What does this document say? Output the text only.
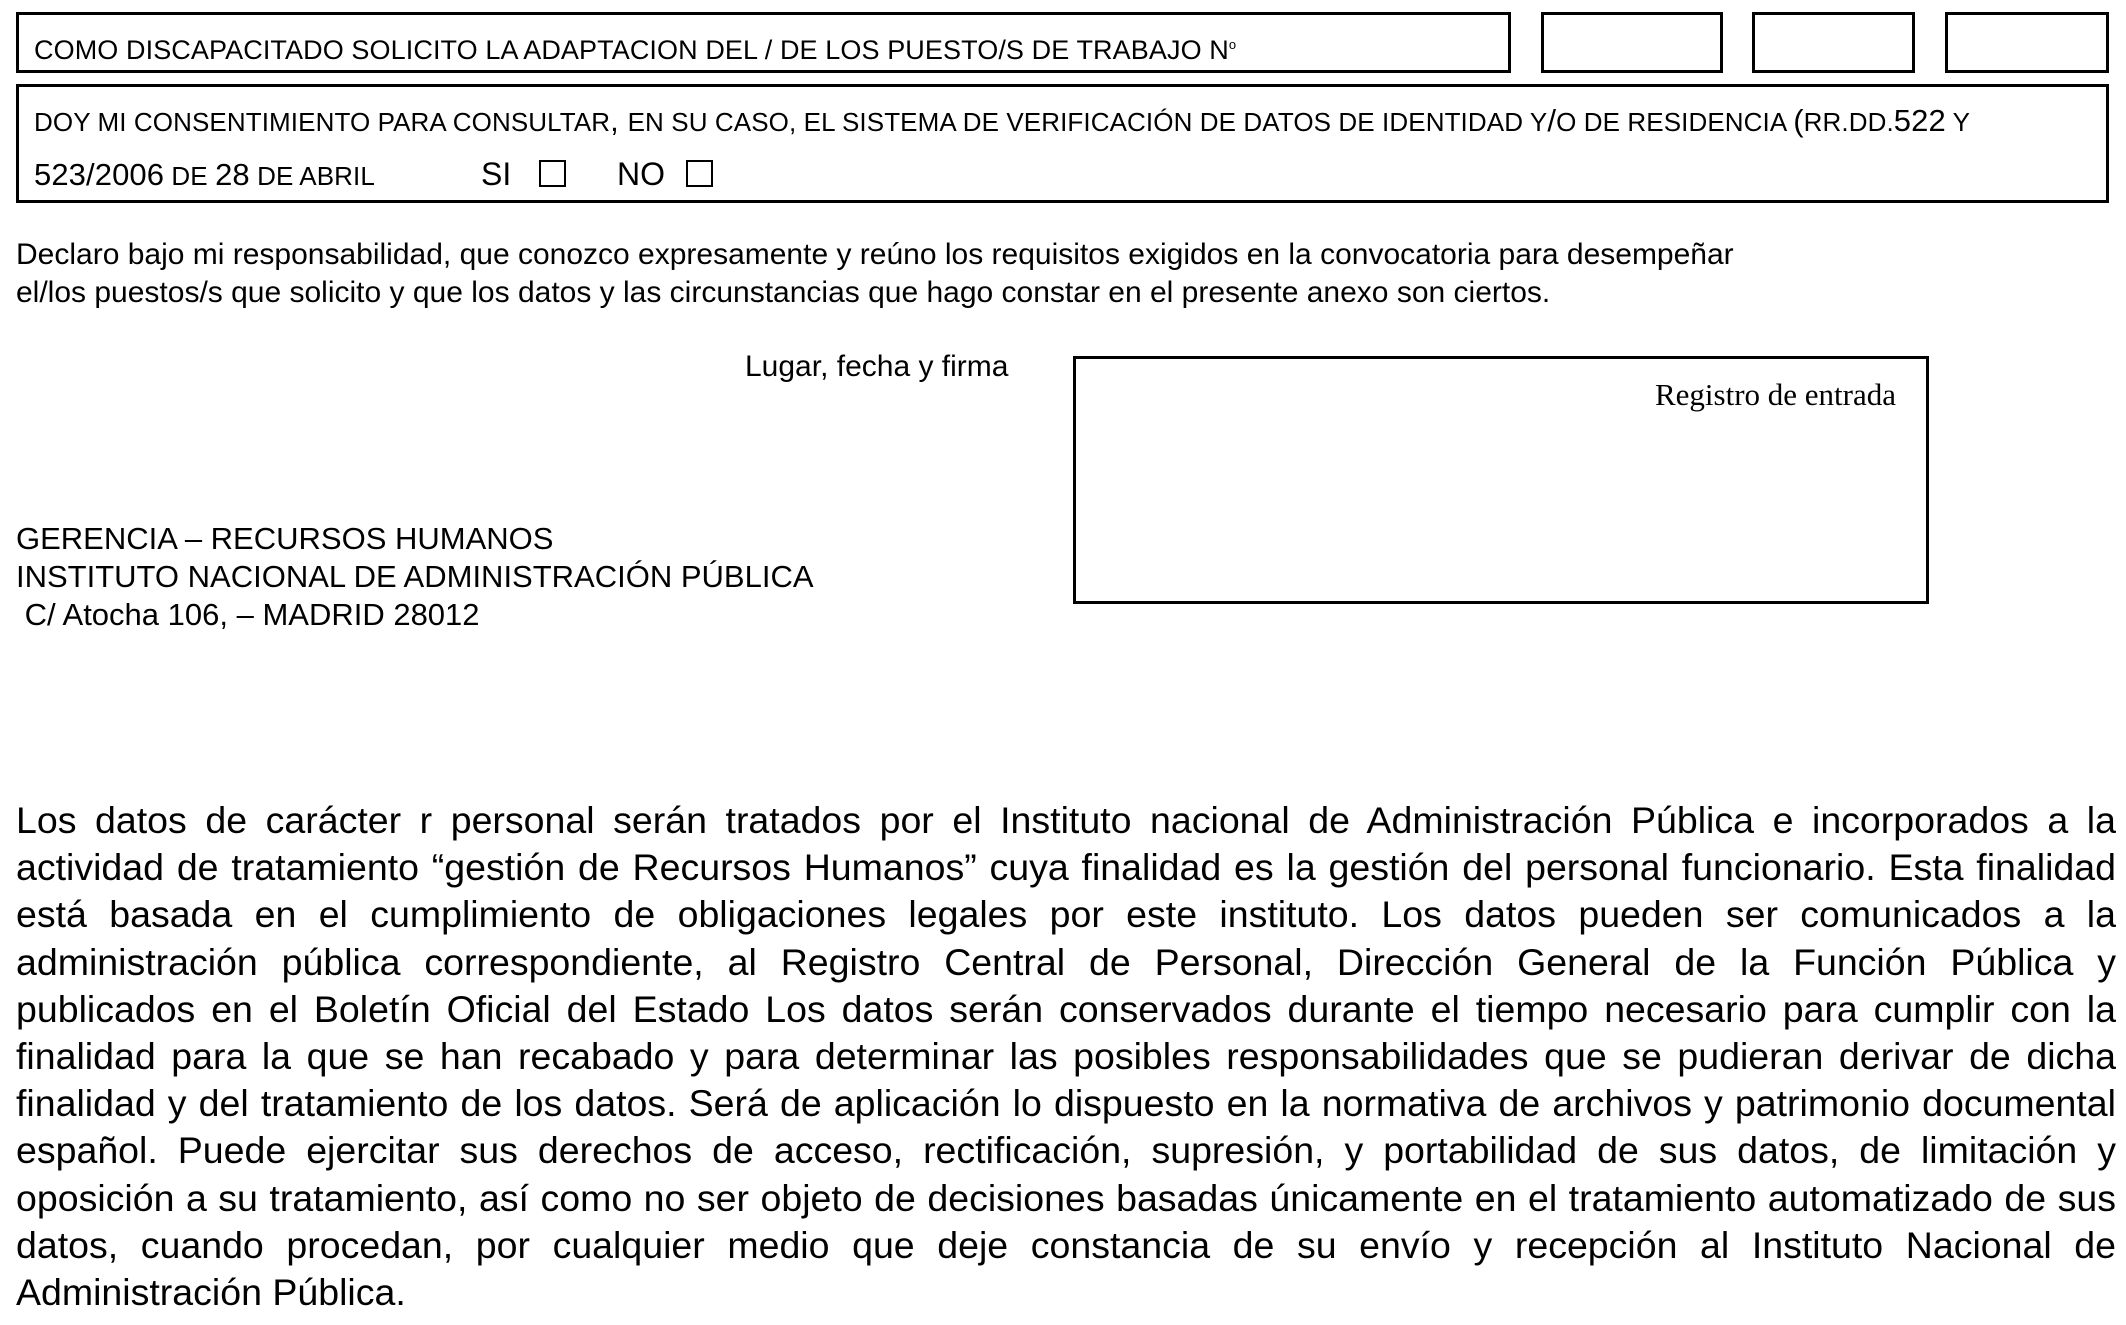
COMO DISCAPACITADO SOLICITO LA ADAPTACION DEL / DE LOS PUESTO/S DE TRABAJO $N^o$
DOY MI CONSENTIMIENTO PARA CONSULTAR, EN SU CASO, EL SISTEMA DE VERIFICACIÓN DE DATOS DE IDENTIDAD Y/O DE RESIDENCIA (RR.DD.522 Y
523/2006 DE 28 DE ABRIL	SI	NO
Declaro bajo mi responsabilidad, que conozco expresamente y reúno los requisitos exigidos en la convocatoria para desempeñar
el/los puestos/s que solicito y que los datos y las circunstancias que hago constar en el presente anexo son ciertos.
Lugar, fecha y firma
Registro de entrada
GERENCIA – RECURSOS HUMANOS
INSTITUTO NACIONAL DE ADMINISTRACIÓN PÚBLICA
C/ Atocha 106, – MADRID 28012
Los datos de carácter r personal serán tratados por el Instituto nacional de Administración Pública e incorporados a la actividad de tratamiento “gestión de Recursos Humanos” cuya finalidad es la gestión del personal funcionario. Esta finalidad está basada en el cumplimiento de obligaciones legales por este instituto. Los datos pueden ser comunicados a la administración pública correspondiente, al Registro Central de Personal, Dirección General de la Función Pública y publicados en el Boletín Oficial del Estado Los datos serán conservados durante el tiempo necesario para cumplir con la finalidad para la que se han recabado y para determinar las posibles responsabilidades que se pudieran derivar de dicha finalidad y del tratamiento de los datos. Será de aplicación lo dispuesto en la normativa de archivos y patrimonio documental español. Puede ejercitar sus derechos de acceso, rectificación, supresión, y portabilidad de sus datos, de limitación y oposición a su tratamiento, así como no ser objeto de decisiones basadas únicamente en el tratamiento automatizado de sus datos, cuando procedan, por cualquier medio que deje constancia de su envío y recepción al Instituto Nacional de Administración Pública.
